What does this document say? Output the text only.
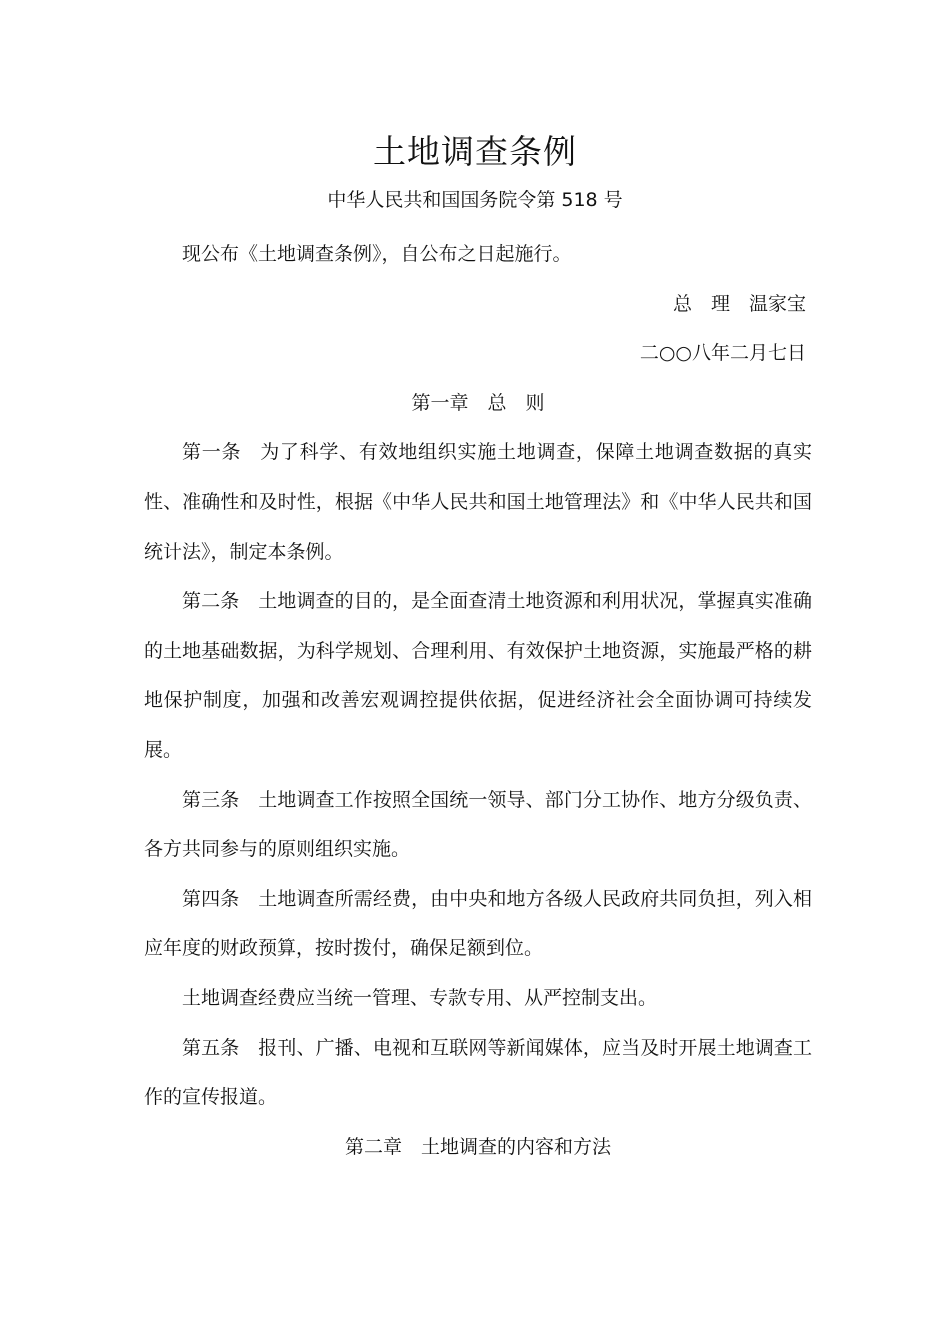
土地调查条例
中华人民共和国国务院令第 518 号

现公布《土地调查条例》，自公布之日起施行。

总　理 温家宝

二○○八年二月七日

第一章　总　则

第一条 为了科学、有效地组织实施土地调查，保障土地调查数据的真实性、准确性和及时性，根据《中华人民共和国土地管理法》和《中华人民共和国统计法》，制定本条例。

第二条 土地调查的目的，是全面查清土地资源和利用状况，掌握真实准确的土地基础数据，为科学规划、合理利用、有效保护土地资源，实施最严格的耕地保护制度，加强和改善宏观调控提供依据，促进经济社会全面协调可持续发展。

第三条 土地调查工作按照全国统一领导、部门分工协作、地方分级负责、各方共同参与的原则组织实施。

第四条 土地调查所需经费，由中央和地方各级人民政府共同负担，列入相应年度的财政预算，按时拨付，确保足额到位。

土地调查经费应当统一管理、专款专用、从严控制支出。

第五条 报刊、广播、电视和互联网等新闻媒体，应当及时开展土地调查工作的宣传报道。

第二章　土地调查的内容和方法
